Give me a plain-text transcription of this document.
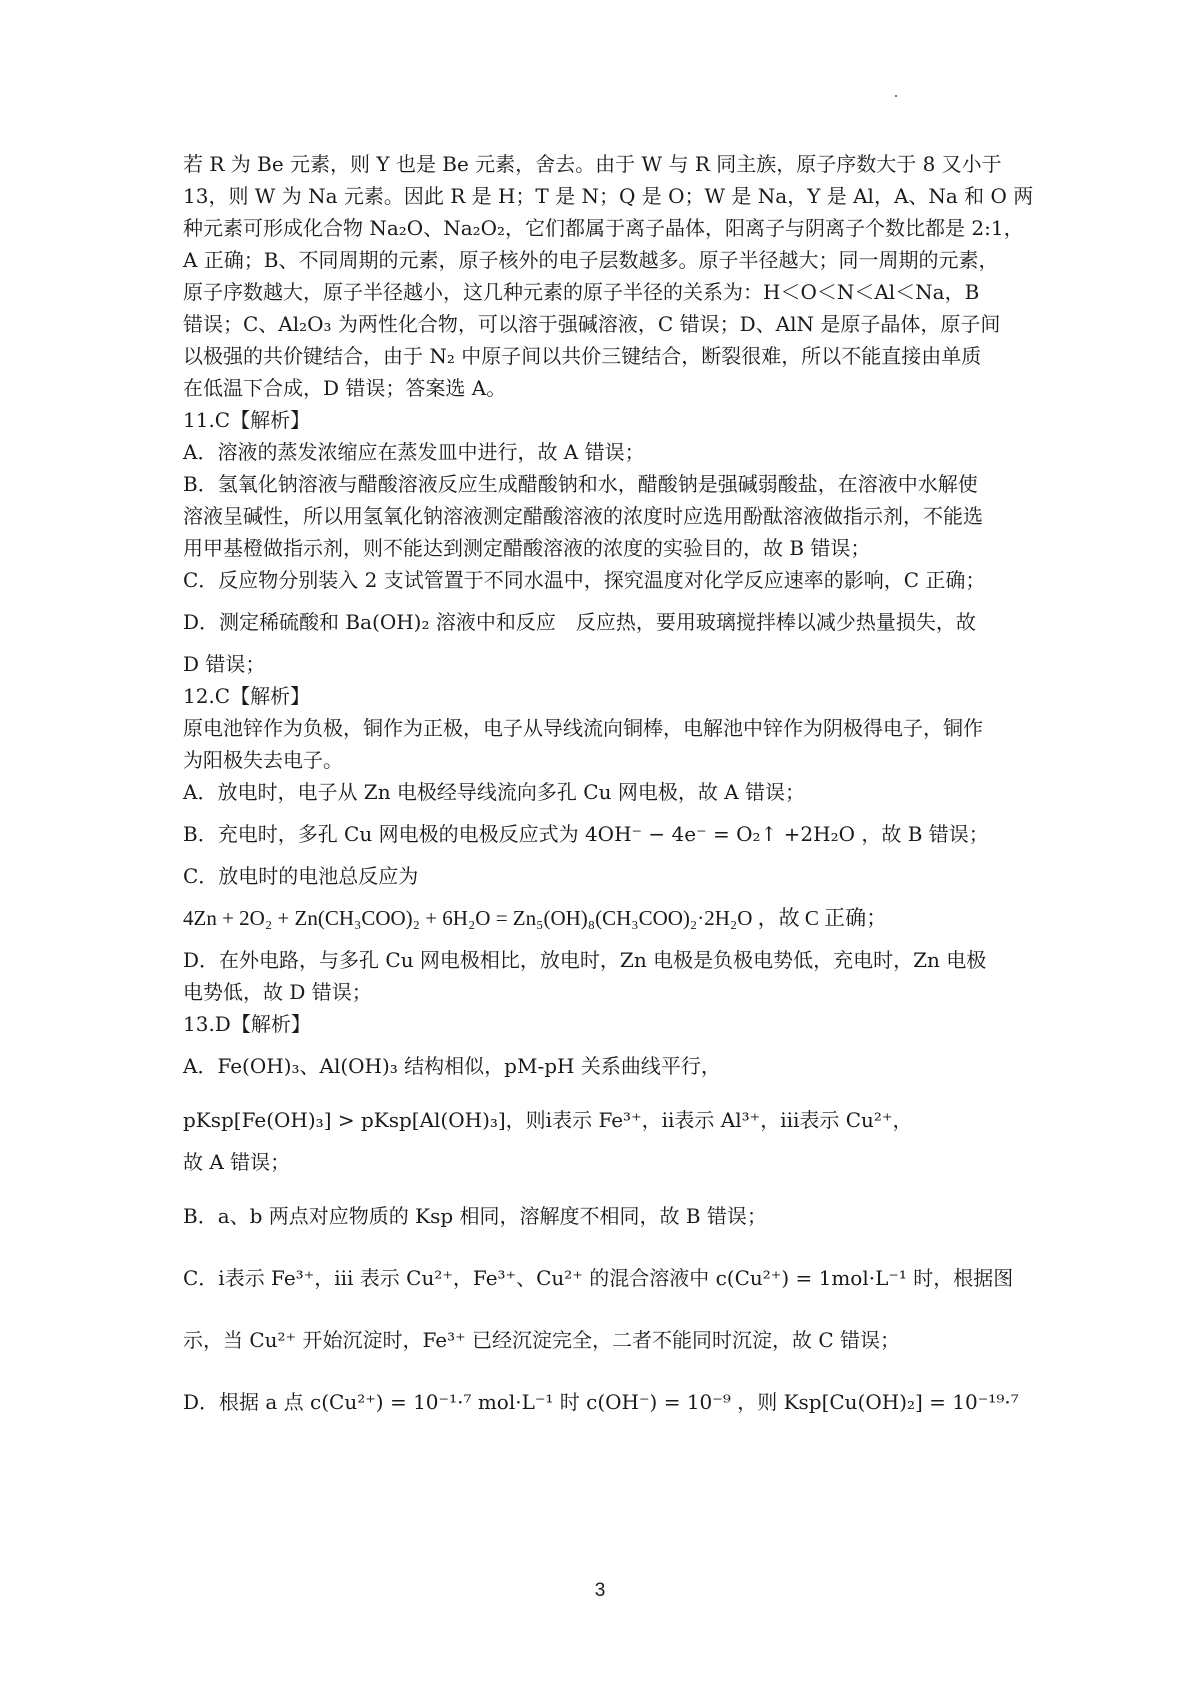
若 R 为 Be 元素，则 Y 也是 Be 元素，舍去。由于 W 与 R 同主族，原子序数大于 8 又小于

13，则 W 为 Na 元素。因此 R 是 H；T 是 N；Q 是 O；W 是 Na，Y 是 Al，A、Na 和 O 两

种元素可形成化合物 Na₂O、Na₂O₂，它们都属于离子晶体，阳离子与阴离子个数比都是 2:1，

A 正确；B、不同周期的元素，原子核外的电子层数越多。原子半径越大；同一周期的元素，

原子序数越大，原子半径越小，这几种元素的原子半径的关系为：H＜O＜N＜Al＜Na，B

错误；C、Al₂O₃ 为两性化合物，可以溶于强碱溶液，C 错误；D、AlN 是原子晶体，原子间

以极强的共价键结合，由于 N₂ 中原子间以共价三键结合，断裂很难，所以不能直接由单质

在低温下合成，D 错误；答案选 A。

11.C【解析】

A．溶液的蒸发浓缩应在蒸发皿中进行，故 A 错误；

B．氢氧化钠溶液与醋酸溶液反应生成醋酸钠和水，醋酸钠是强碱弱酸盐，在溶液中水解使

溶液呈碱性，所以用氢氧化钠溶液测定醋酸溶液的浓度时应选用酚酞溶液做指示剂，不能选

用甲基橙做指示剂，则不能达到测定醋酸溶液的浓度的实验目的，故 B 错误；

C．反应物分别装入 2 支试管置于不同水温中，探究温度对化学反应速率的影响，C 正确；

D．测定稀硫酸和 Ba(OH)₂ 溶液中和反应　反应热，要用玻璃搅拌棒以减少热量损失，故

D 错误；

12.C【解析】

原电池锌作为负极，铜作为正极，电子从导线流向铜棒，电解池中锌作为阴极得电子，铜作

为阳极失去电子。

A．放电时，电子从 Zn 电极经导线流向多孔 Cu 网电极，故 A 错误；

B．充电时，多孔 Cu 网电极的电极反应式为 4OH⁻ − 4e⁻ = O₂↑ +2H₂O ，故 B 错误；

C．放电时的电池总反应为

4Zn + 2O₂ + Zn(CH₃COO)₂ + 6H₂O = Zn₅(OH)₈(CH₃COO)₂·2H₂O ，故 C 正确；

D．在外电路，与多孔 Cu 网电极相比，放电时，Zn 电极是负极电势低，充电时，Zn 电极

电势低，故 D 错误；

13.D【解析】

A．Fe(OH)₃、Al(OH)₃ 结构相似，pM-pH 关系曲线平行，

pKsp[Fe(OH)₃] > pKsp[Al(OH)₃]，则ⅰ表示 Fe³⁺，ⅱ表示 Al³⁺，ⅲ表示 Cu²⁺，

故 A 错误；

B．a、b 两点对应物质的 Ksp 相同，溶解度不相同，故 B 错误；

C．ⅰ表示 Fe³⁺，iii 表示 Cu²⁺，Fe³⁺、Cu²⁺ 的混合溶液中 c(Cu²⁺) = 1mol·L⁻¹ 时，根据图

示，当 Cu²⁺ 开始沉淀时，Fe³⁺ 已经沉淀完全，二者不能同时沉淀，故 C 错误；

D．根据 a 点 c(Cu²⁺) = 10⁻¹·⁷ mol·L⁻¹ 时 c(OH⁻) = 10⁻⁹ ，则 Ksp[Cu(OH)₂] = 10⁻¹⁹·⁷

3
